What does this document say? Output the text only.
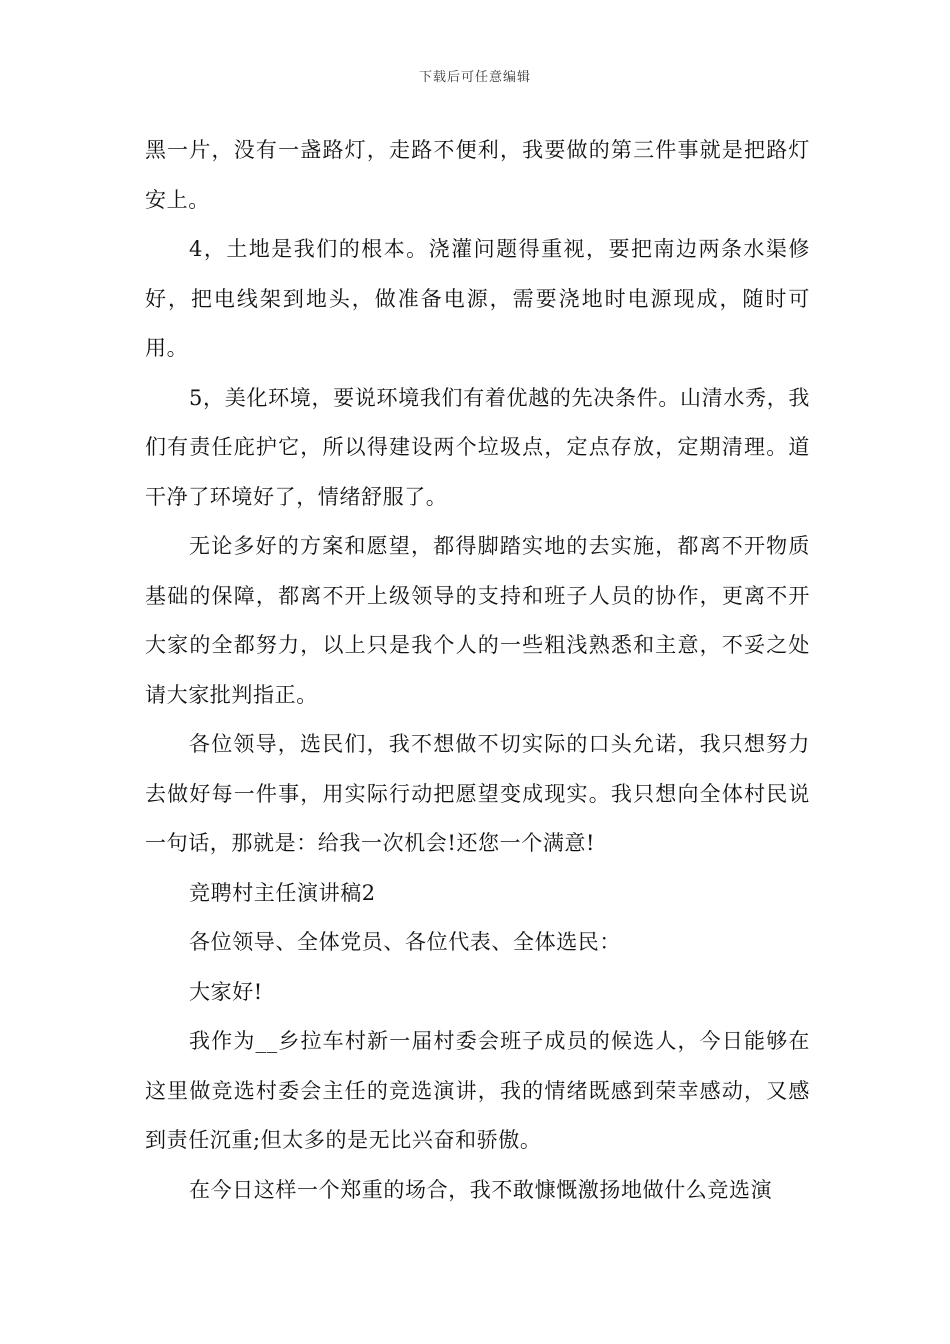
下载后可任意编辑

黑一片，没有一盏路灯，走路不便利，我要做的第三件事就是把路灯安上。

4，土地是我们的根本。浇灌问题得重视，要把南边两条水渠修好，把电线架到地头，做准备电源，需要浇地时电源现成，随时可用。

5，美化环境，要说环境我们有着优越的先决条件。山清水秀，我们有责任庇护它，所以得建设两个垃圾点，定点存放，定期清理。道干净了环境好了，情绪舒服了。

无论多好的方案和愿望，都得脚踏实地的去实施，都离不开物质基础的保障，都离不开上级领导的支持和班子人员的协作，更离不开大家的全都努力，以上只是我个人的一些粗浅熟悉和主意，不妥之处请大家批判指正。

各位领导，选民们，我不想做不切实际的口头允诺，我只想努力去做好每一件事，用实际行动把愿望变成现实。我只想向全体村民说一句话，那就是：给我一次机会!还您一个满意!

竞聘村主任演讲稿2

各位领导、全体党员、各位代表、全体选民：

大家好!

我作为__乡拉车村新一届村委会班子成员的候选人，今日能够在这里做竞选村委会主任的竞选演讲，我的情绪既感到荣幸感动，又感到责任沉重;但太多的是无比兴奋和骄傲。

在今日这样一个郑重的场合，我不敢慷慨激扬地做什么竞选演
